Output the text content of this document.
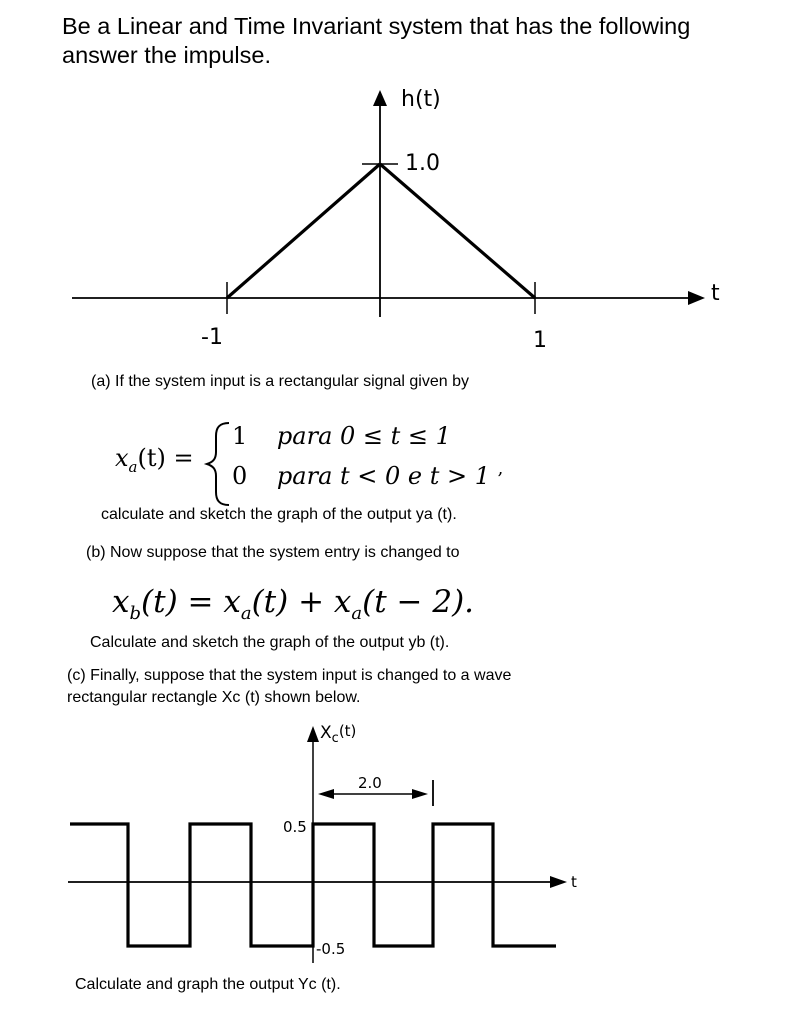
Be a Linear and Time Invariant system that has the following
answer the impulse.
h(t)
1.0
t
-1	1
(a) If the system input is a rectangular signal given by
$x_a(t)$ =
1 para 0 ≤ t ≤ 1
0 para t < 0 e t > 1 ,
calculate and sketch the graph of the output ya (t).
(b) Now suppose that the system entry is changed to
$x_b(t) = x_a(t) + x_a(t - 2)$.
Calculate and sketch the graph of the output yb (t).
(c) Finally, suppose that the system input is changed to a wave
rectangular rectangle Xc (t) shown below.
$X_c(t)$
2.0
0.5
-0.5
t
Calculate and graph the output Yc (t).
